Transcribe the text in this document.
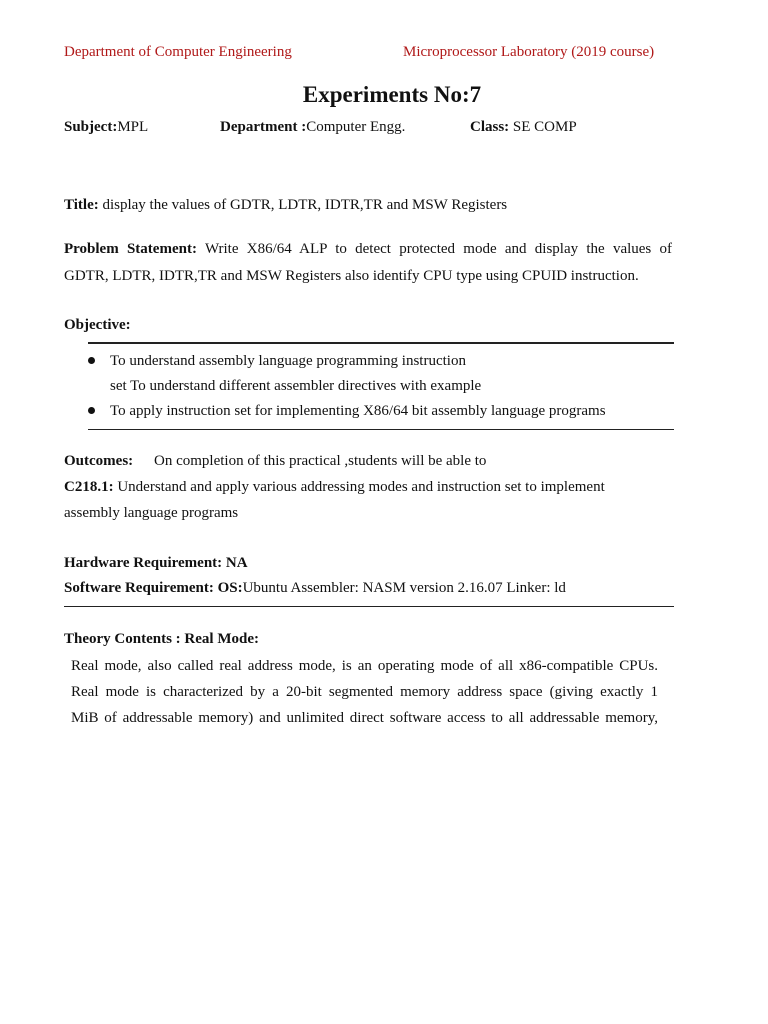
Department of Computer Engineering	Microprocessor Laboratory (2019 course)
Experiments No:7
Subject:MPL	Department :Computer Engg.	Class: SE COMP
Title: display the values of GDTR, LDTR, IDTR,TR and MSW Registers
Problem Statement: Write X86/64 ALP to detect protected mode and display the values of
GDTR, LDTR, IDTR,TR and MSW Registers also identify CPU type using CPUID instruction.
Objective:
To understand assembly language programming instruction
set To understand different assembler directives with example
To apply instruction set for implementing X86/64 bit assembly language programs
Outcomes: On completion of this practical ,students will be able to
C218.1: Understand and apply various addressing modes and instruction set to implement
assembly language programs
Hardware Requirement: NA
Software Requirement: OS:Ubuntu Assembler: NASM version 2.16.07 Linker: ld
Theory Contents : Real Mode:
Real mode, also called real address mode, is an operating mode of all x86-compatible CPUs.
Real mode is characterized by a 20-bit segmented memory address space (giving exactly 1
MiB of addressable memory) and unlimited direct software access to all addressable memory,
